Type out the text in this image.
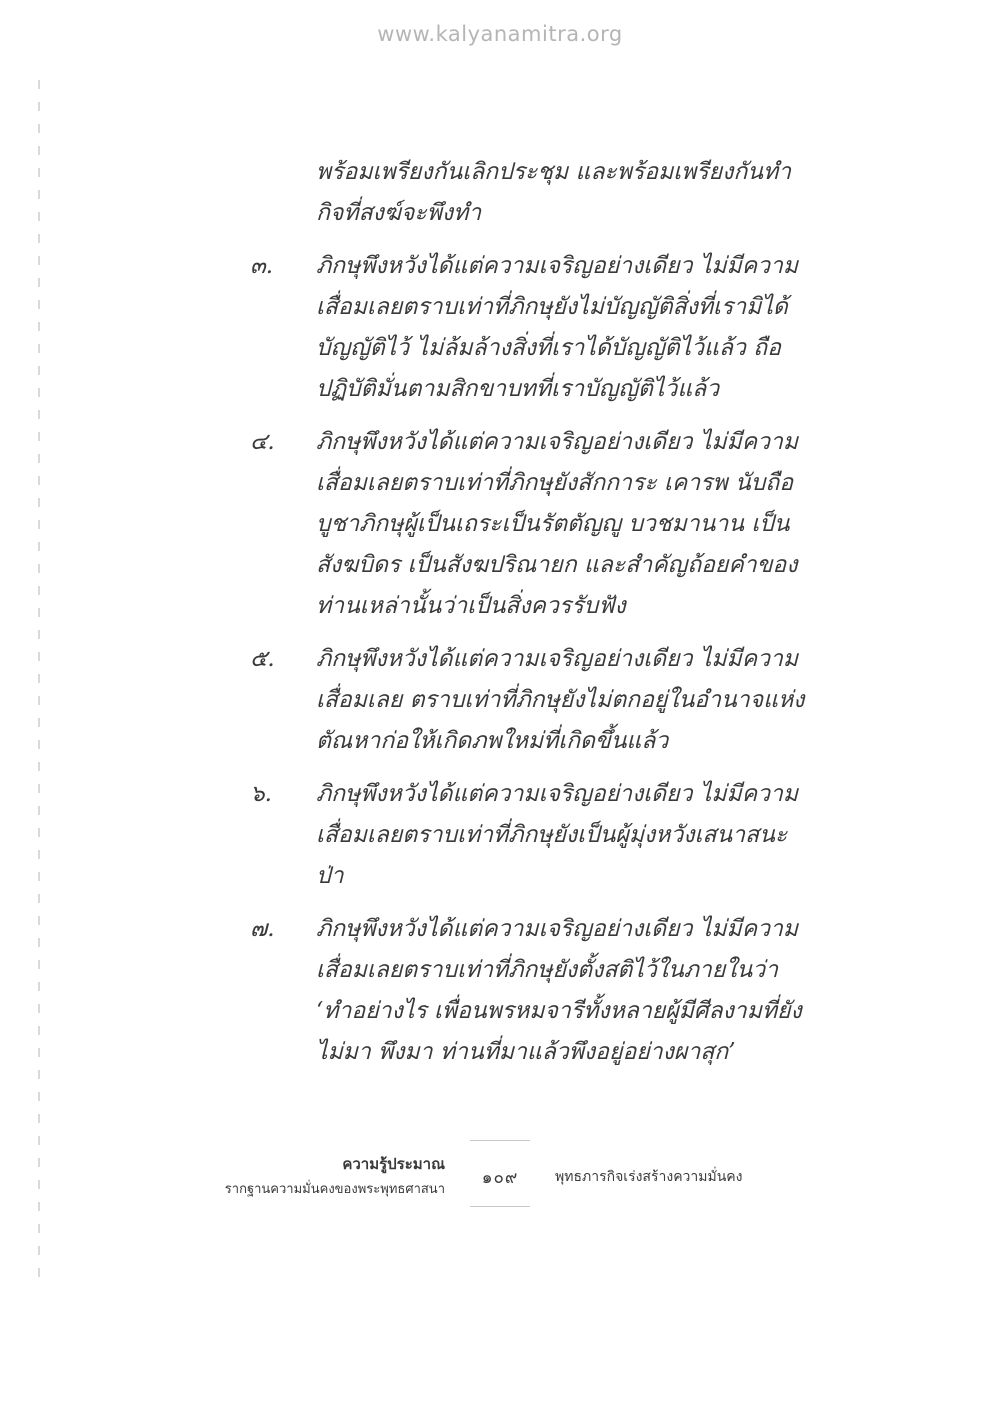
www.kalyanamitra.org
พร้อมเพรียงกันเลิกประชุม และพร้อมเพรียงกันทำ
กิจที่สงฆ์จะพึงทำ
๓.	ภิกษุพึงหวังได้แต่ความเจริญอย่างเดียว ไม่มีความ
เสื่อมเลยตราบเท่าที่ภิกษุยังไม่บัญญัติสิ่งที่เรามิได้
บัญญัติไว้ ไม่ล้มล้างสิ่งที่เราได้บัญญัติไว้แล้ว ถือ
ปฏิบัติมั่นตามสิกขาบทที่เราบัญญัติไว้แล้ว
๔.	ภิกษุพึงหวังได้แต่ความเจริญอย่างเดียว ไม่มีความ
เสื่อมเลยตราบเท่าที่ภิกษุยังสักการะ เคารพ นับถือ
บูชาภิกษุผู้เป็นเถระเป็นรัตตัญญู บวชมานาน เป็น
สังฆบิดร เป็นสังฆปริณายก และสำคัญถ้อยคำของ
ท่านเหล่านั้นว่าเป็นสิ่งควรรับฟัง
๕.	ภิกษุพึงหวังได้แต่ความเจริญอย่างเดียว ไม่มีความ
เสื่อมเลย ตราบเท่าที่ภิกษุยังไม่ตกอยู่ในอำนาจแห่ง
ตัณหาก่อให้เกิดภพใหม่ที่เกิดขึ้นแล้ว
๖.	ภิกษุพึงหวังได้แต่ความเจริญอย่างเดียว ไม่มีความ
เสื่อมเลยตราบเท่าที่ภิกษุยังเป็นผู้มุ่งหวังเสนาสนะ
ป่า
๗.	ภิกษุพึงหวังได้แต่ความเจริญอย่างเดียว ไม่มีความ
เสื่อมเลยตราบเท่าที่ภิกษุยังตั้งสติไว้ในภายในว่า
‘ทำอย่างไร เพื่อนพรหมจารีทั้งหลายผู้มีศีลงามที่ยัง
ไม่มา พึงมา ท่านที่มาแล้วพึงอยู่อย่างผาสุก’
ความรู้ประมาณ
รากฐานความมั่นคงของพระพุทธศาสนา
๑๐๙	พุทธภารกิจเร่งสร้างความมั่นคง
